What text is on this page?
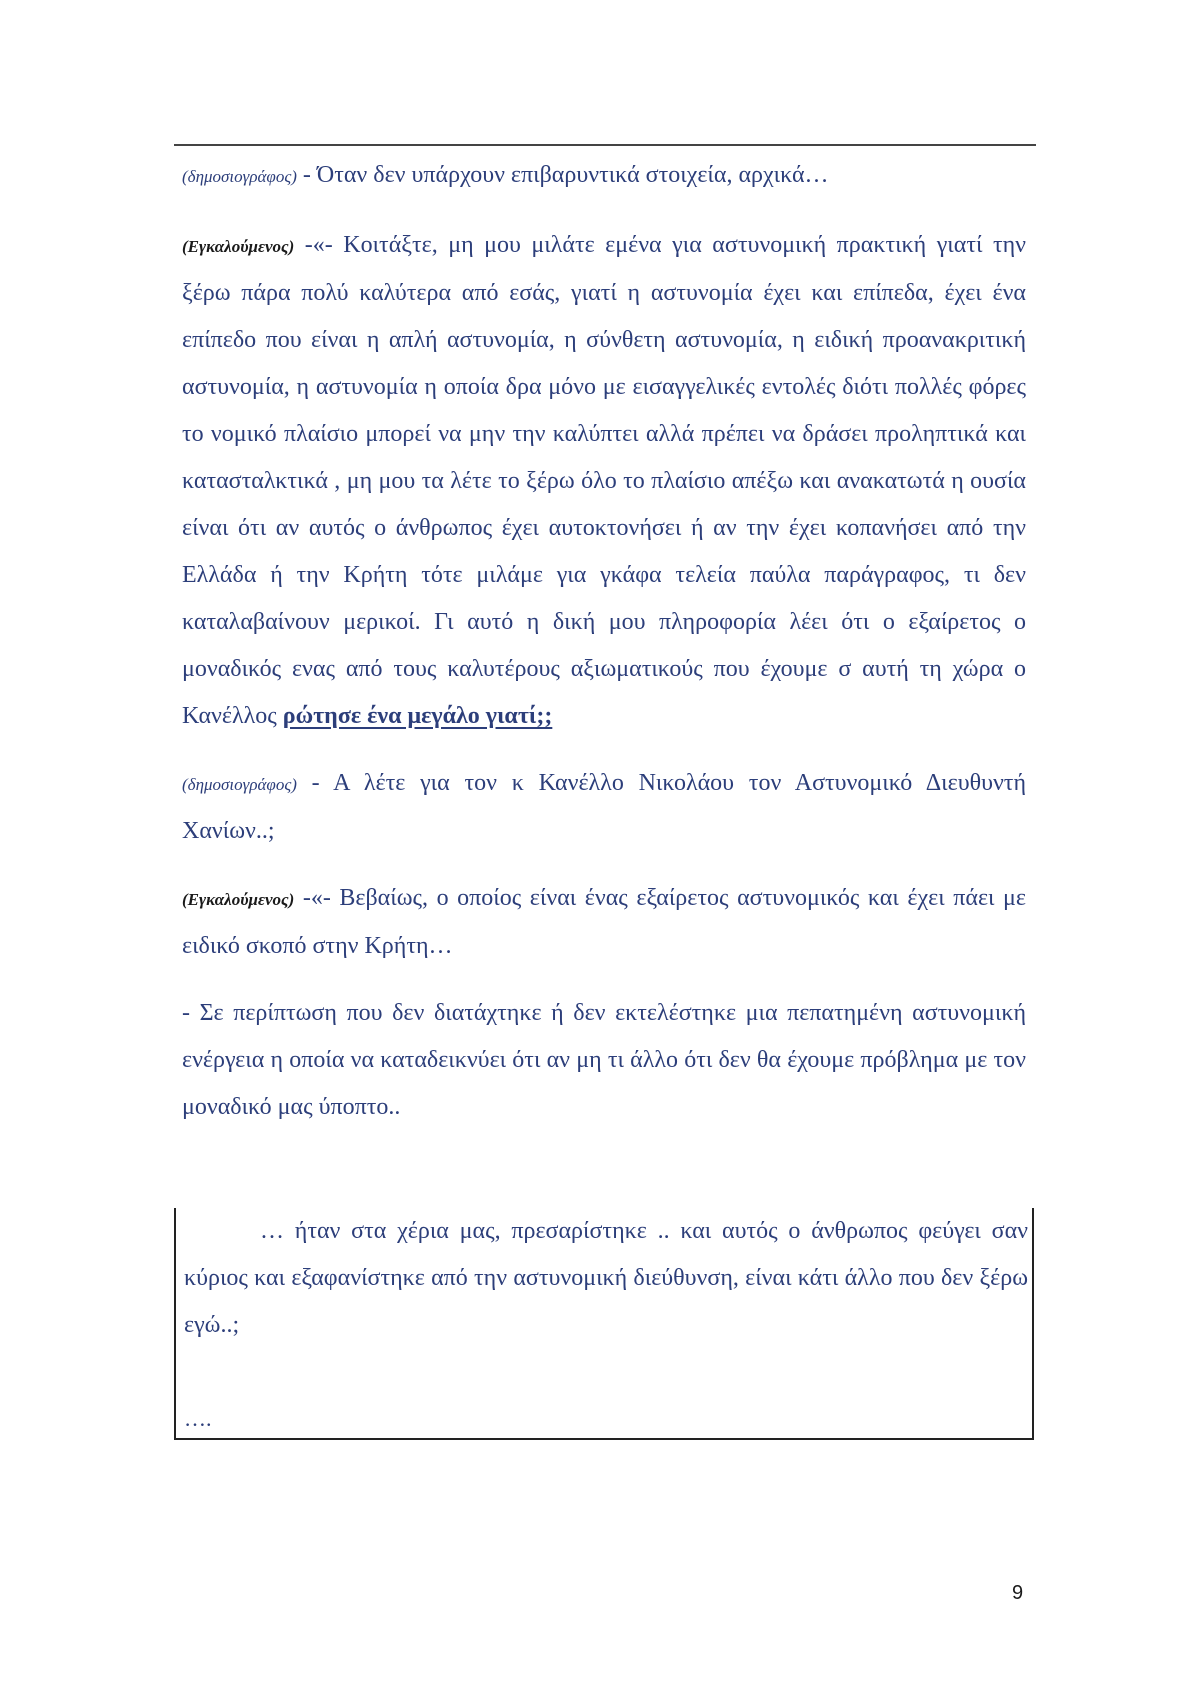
(δημοσιογράφος) - Όταν δεν υπάρχουν επιβαρυντικά στοιχεία, αρχικά…

(Εγκαλούμενος) -«- Κοιτάξτε, μη μου μιλάτε εμένα για αστυνομική πρακτική γιατί την ξέρω πάρα πολύ καλύτερα από εσάς, γιατί η αστυνομία έχει και επίπεδα, έχει ένα επίπεδο που είναι η απλή αστυνομία, η σύνθετη αστυνομία, η ειδική προανακριτική αστυνομία, η αστυνομία η οποία δρα μόνο με εισαγγελικές εντολές διότι πολλές φόρες το νομικό πλαίσιο μπορεί να μην την καλύπτει αλλά πρέπει να δράσει προληπτικά και κατασταλκτικά , μη μου τα λέτε το ξέρω όλο το πλαίσιο απέξω και ανακατωτά η ουσία είναι ότι αν αυτός ο άνθρωπος έχει αυτοκτονήσει ή αν την έχει κοπανήσει από την Ελλάδα ή την Κρήτη τότε μιλάμε για γκάφα τελεία παύλα παράγραφος, τι δεν καταλαβαίνουν μερικοί. Γι αυτό η δική μου πληροφορία λέει ότι ο εξαίρετος ο μοναδικός ενας από τους καλυτέρους αξιωματικούς που έχουμε σ αυτή τη χώρα ο Κανέλλος ρώτησε ένα μεγάλο γιατί;;

(δημοσιογράφος) - Α λέτε για τον κ Κανέλλο Νικολάου τον Αστυνομικό Διευθυντή Χανίων..;

(Εγκαλούμενος) -«- Βεβαίως, ο οποίος είναι ένας εξαίρετος αστυνομικός και έχει πάει με ειδικό σκοπό στην Κρήτη…

- Σε περίπτωση που δεν διατάχτηκε ή δεν εκτελέστηκε μια πεπατημένη αστυνομική ενέργεια η οποία να καταδεικνύει ότι αν μη τι άλλο ότι δεν θα έχουμε πρόβλημα με τον μοναδικό μας ύποπτο..

… ήταν στα χέρια μας, πρεσαρίστηκε .. και αυτός ο άνθρωπος φεύγει σαν κύριος και εξαφανίστηκε από την αστυνομική διεύθυνση, είναι κάτι άλλο που δεν ξέρω εγώ..;

….
9
